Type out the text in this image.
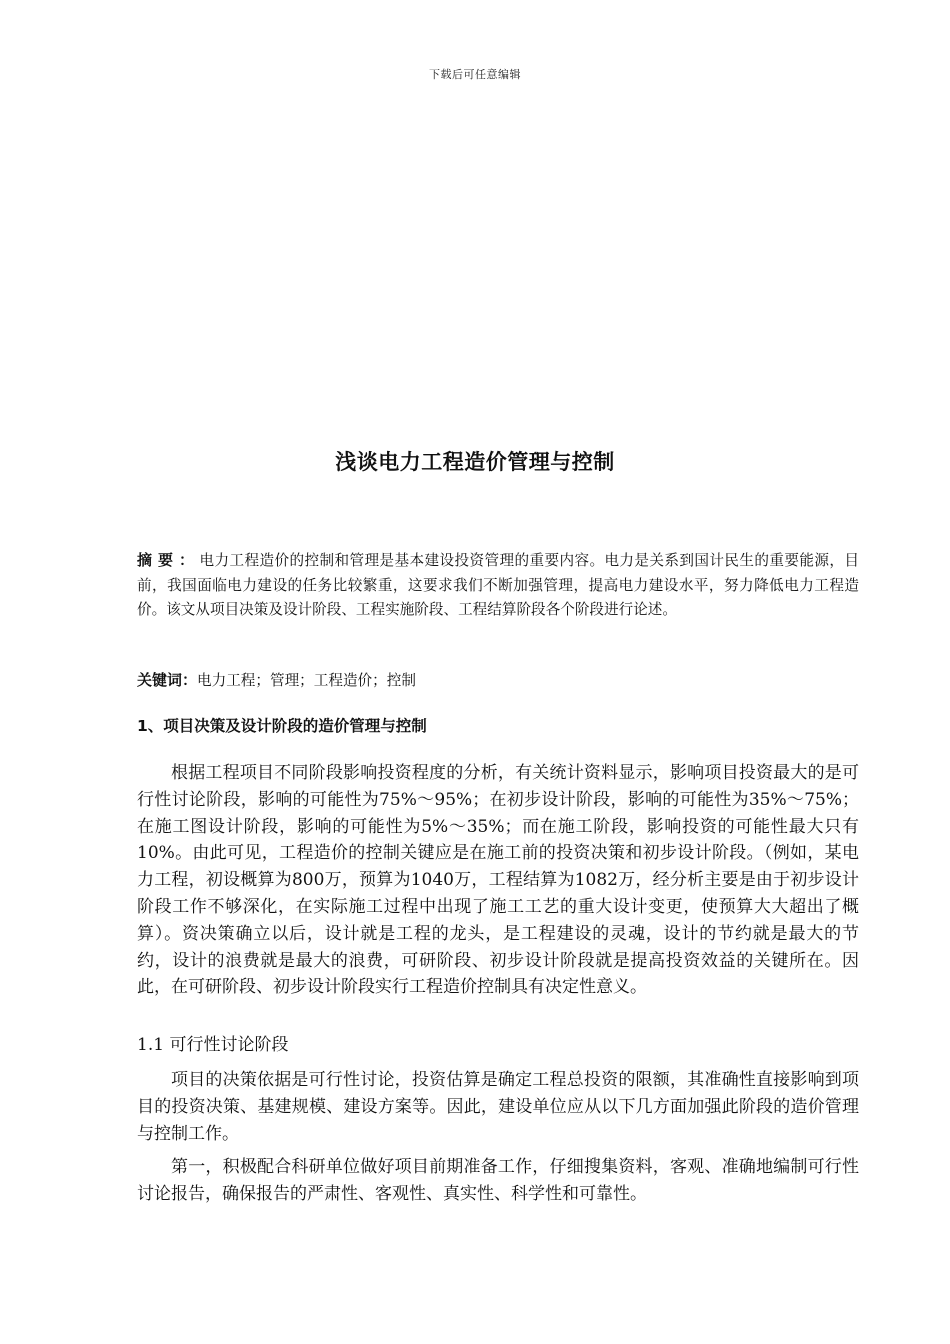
下载后可任意编辑
浅谈电力工程造价管理与控制
摘 要 ： 电力工程造价的控制和管理是基本建设投资管理的重要内容。电力是关系到国计民生的重要能源，目前，我国面临电力建设的任务比较繁重，这要求我们不断加强管理，提高电力建设水平，努力降低电力工程造价。该文从项目决策及设计阶段、工程实施阶段、工程结算阶段各个阶段进行论述。
关键词：电力工程；管理；工程造价；控制
1、项目决策及设计阶段的造价管理与控制

根据工程项目不同阶段影响投资程度的分析，有关统计资料显示，影响项目投资最大的是可行性讨论阶段，影响的可能性为75%～95%；在初步设计阶段，影响的可能性为35%～75%；在施工图设计阶段，影响的可能性为5%～35%；而在施工阶段，影响投资的可能性最大只有10%。由此可见，工程造价的控制关键应是在施工前的投资决策和初步设计阶段。（例如，某电力工程，初设概算为800万，预算为1040万，工程结算为1082万，经分析主要是由于初步设计阶段工作不够深化，在实际施工过程中出现了施工工艺的重大设计变更，使预算大大超出了概算）。资决策确立以后，设计就是工程的龙头，是工程建设的灵魂，设计的节约就是最大的节约，设计的浪费就是最大的浪费，可研阶段、初步设计阶段就是提高投资效益的关键所在。因此，在可研阶段、初步设计阶段实行工程造价控制具有决定性意义。

1.1 可行性讨论阶段

项目的决策依据是可行性讨论，投资估算是确定工程总投资的限额，其准确性直接影响到项目的投资决策、基建规模、建设方案等。因此，建设单位应从以下几方面加强此阶段的造价管理与控制工作。

第一，积极配合科研单位做好项目前期准备工作，仔细搜集资料，客观、准确地编制可行性讨论报告，确保报告的严肃性、客观性、真实性、科学性和可靠性。
